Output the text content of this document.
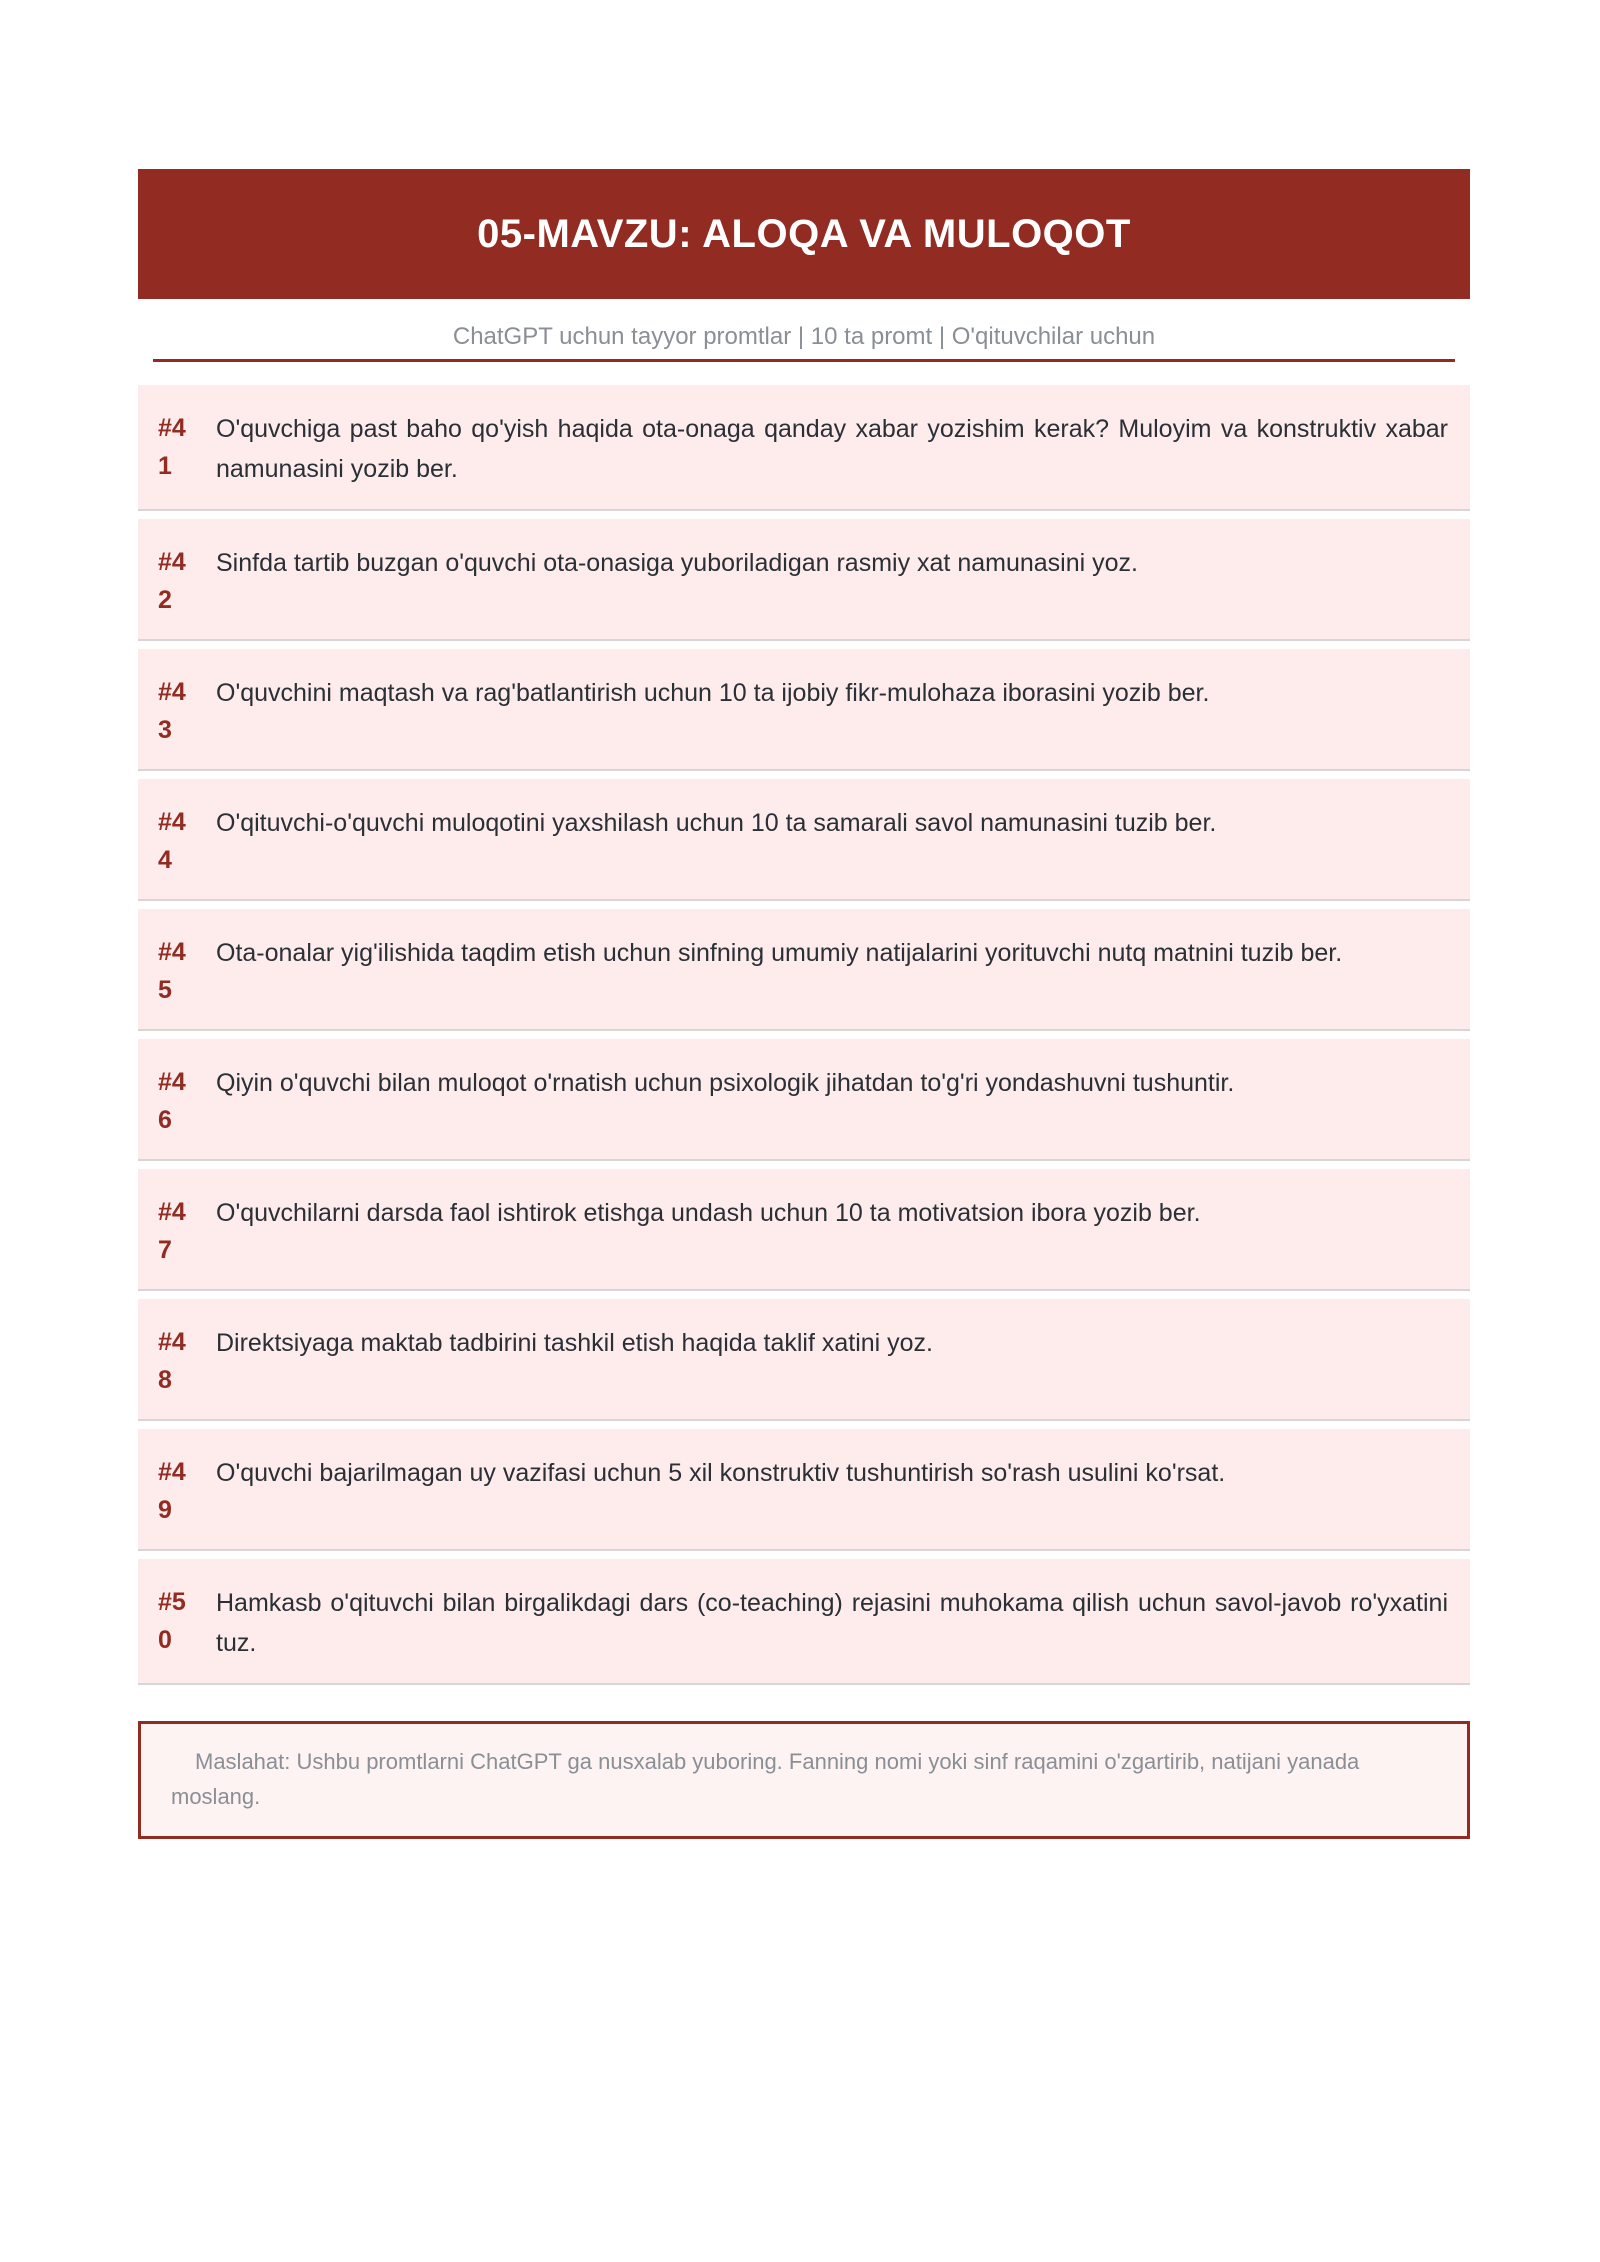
05-MAVZU: ALOQA VA MULOQOT
ChatGPT uchun tayyor promtlar | 10 ta promt | O'qituvchilar uchun
#41
O'quvchiga past baho qo'yish haqida ota-onaga qanday xabar yozishim kerak? Muloyim va konstruktiv xabar namunasini yozib ber.
#42
Sinfda tartib buzgan o'quvchi ota-onasiga yuboriladigan rasmiy xat namunasini yoz.
#43
O'quvchini maqtash va rag'batlantirish uchun 10 ta ijobiy fikr-mulohaza iborasini yozib ber.
#44
O'qituvchi-o'quvchi muloqotini yaxshilash uchun 10 ta samarali savol namunasini tuzib ber.
#45
Ota-onalar yig'ilishida taqdim etish uchun sinfning umumiy natijalarini yorituvchi nutq matnini tuzib ber.
#46
Qiyin o'quvchi bilan muloqot o'rnatish uchun psixologik jihatdan to'g'ri yondashuvni tushuntir.
#47
O'quvchilarni darsda faol ishtirok etishga undash uchun 10 ta motivatsion ibora yozib ber.
#48
Direktsiyaga maktab tadbirini tashkil etish haqida taklif xatini yoz.
#49
O'quvchi bajarilmagan uy vazifasi uchun 5 xil konstruktiv tushuntirish so'rash usulini ko'rsat.
#50
Hamkasb o'qituvchi bilan birgalikdagi dars (co-teaching) rejasini muhokama qilish uchun savol-javob ro'yxatini tuz.
Maslahat: Ushbu promtlarni ChatGPT ga nusxalab yuboring. Fanning nomi yoki sinf raqamini o'zgartirib, natijani yanada moslang.
